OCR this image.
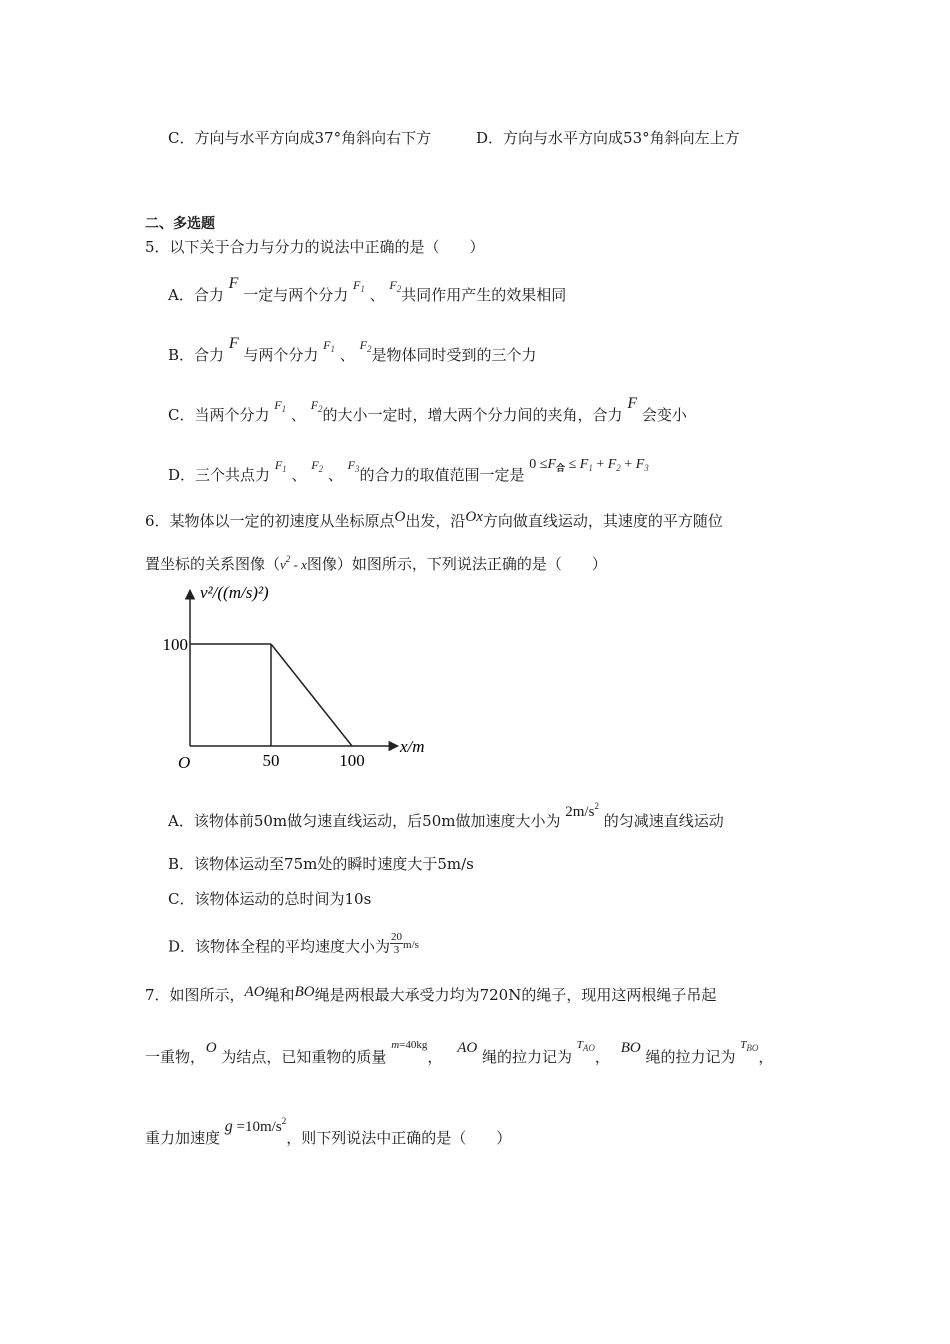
C．方向与水平方向成37°角斜向右下方	D．方向与水平方向成53°角斜向左上方
二、多选题
5．以下关于合力与分力的说法中正确的是（　　）
A．合力 F 一定与两个分力 $^{F_1}$ 、 $^{F_2}$共同作用产生的效果相同
B．合力 F 与两个分力 $^{F_1}$ 、 $^{F_2}$是物体同时受到的三个力
C．当两个分力 $^{F_1}$ 、 $^{F_2}$的大小一定时，增大两个分力间的夹角，合力 F 会变小
D．三个共点力 $^{F_1}$ 、 $^{F_2}$ 、 $^{F_3}$的合力的取值范围一定是 $0 \le F_合 \le F_1 + F_2 + F_3$
6．某物体以一定的初速度从坐标原点O出发，沿Ox方向做直线运动，其速度的平方随位
置坐标的关系图像（$v^2$ - x图像）如图所示，下列说法正确的是（　　）
v²/((m/s)²)
x/m
O	50	100
100
A．该物体前50m做匀速直线运动，后50m做加速度大小为 $2m/s^2$ 的匀减速直线运动
B．该物体运动至75m处的瞬时速度大于5m/s
C．该物体运动的总时间为10s
D．该物体全程的平均速度大小为 $\frac{20}{3} ^{m/s}$
7．如图所示，AO绳和BO绳是两根最大承受力均为720N的绳子，现用这两根绳子吊起
一重物， O 为结点，已知重物的质量 $^{m=40kg}$， AO 绳的拉力记为 $^{T_{AO}}$， BO 绳的拉力记为 $^{T_{BO}}$，
重力加速度 $g =10m/s^2$，则下列说法中正确的是（　　）
